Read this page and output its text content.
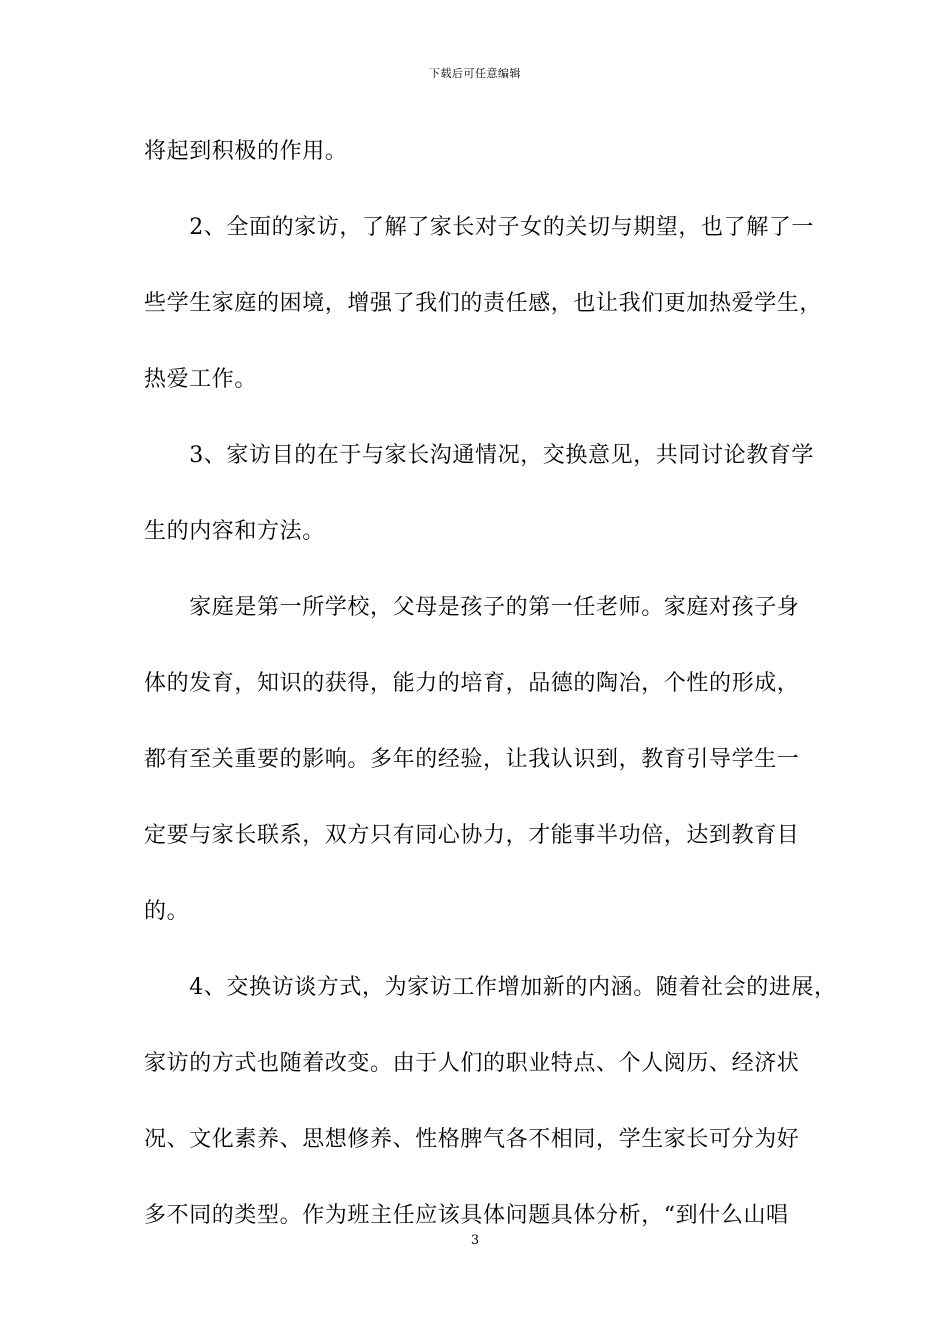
下载后可任意编辑
将起到积极的作用。
　　2、全面的家访，了解了家长对子女的关切与期望，也了解了一
些学生家庭的困境，增强了我们的责任感，也让我们更加热爱学生，
热爱工作。
　　3、家访目的在于与家长沟通情况，交换意见，共同讨论教育学
生的内容和方法。
　　家庭是第一所学校，父母是孩子的第一任老师。家庭对孩子身
体的发育，知识的获得，能力的培育，品德的陶冶，个性的形成，
都有至关重要的影响。多年的经验，让我认识到，教育引导学生一
定要与家长联系，双方只有同心协力，才能事半功倍，达到教育目
的。
　　4、交换访谈方式，为家访工作增加新的内涵。随着社会的进展，
家访的方式也随着改变。由于人们的职业特点、个人阅历、经济状
况、文化素养、思想修养、性格脾气各不相同，学生家长可分为好
多不同的类型。作为班主任应该具体问题具体分析，“到什么山唱
3
